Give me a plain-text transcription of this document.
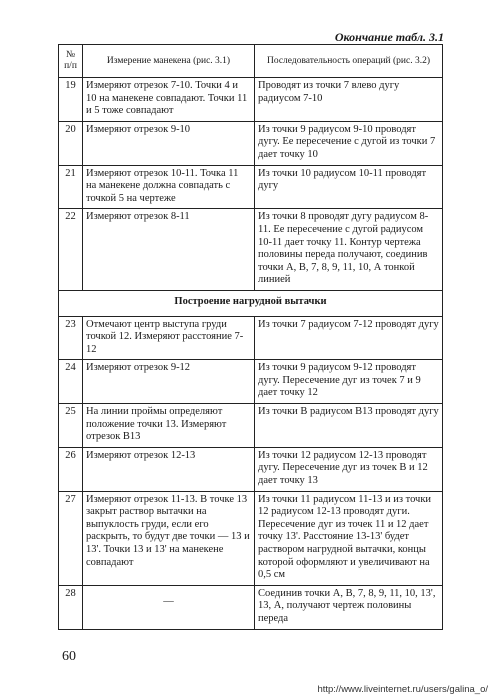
Окончание табл. 3.1
№
п/п	Измерение манекена (рис. 3.1)	Последовательность операций (рис. 3.2)
19	Измеряют отрезок 7-10. Точки 4 и 10 на манекене совпадают. Точки 11 и 5 тоже совпадают	Проводят из точки 7 влево дугу радиусом 7-10
20	Измеряют отрезок 9-10	Из точки 9 радиусом 9-10 проводят дугу. Ее пересечение с дугой из точки 7 дает точку 10
21	Измеряют отрезок 10-11. Точка 11 на манекене должна совпадать с точкой 5 на чертеже	Из точки 10 радиусом 10-11 проводят дугу
22	Измеряют отрезок 8-11	Из точки 8 проводят дугу радиусом 8-11. Ее пересечение с дугой радиусом 10-11 дает точку 11. Контур чертежа половины переда получают, соединив точки А, В, 7, 8, 9, 11, 10, А тонкой линией
Построение нагрудной вытачки		
23	Отмечают центр выступа груди точкой 12. Измеряют расстояние 7-12	Из точки 7 радиусом 7-12 проводят дугу
24	Измеряют отрезок 9-12	Из точки 9 радиусом 9-12 проводят дугу. Пересечение дуг из точек 7 и 9 дает точку 12
25	На линии проймы определяют положение точки 13. Измеряют отрезок B13	Из точки В радиусом В13 проводят дугу
26	Измеряют отрезок 12-13	Из точки 12 радиусом 12-13 проводят дугу. Пересечение дуг из точек В и 12 дает точку 13
27	Измеряют отрезок 11-13. В точке 13 закрыт раствор вытачки на выпуклость груди, если его раскрыть, то будут две точки — 13 и 13'. Точки 13 и 13' на манекене совпадают	Из точки 11 радиусом 11-13 и из точки 12 радиусом 12-13 проводят дуги. Пересечение дуг из точек 11 и 12 дает точку 13'. Расстояние 13-13' будет раствором нагрудной вытачки, концы которой оформляют и увеличивают на 0,5 см
28	—	Соединив точки А, В, 7, 8, 9, 11, 10, 13', 13, А, получают чертеж половины переда
60
http://www.liveinternet.ru/users/galina_o/
